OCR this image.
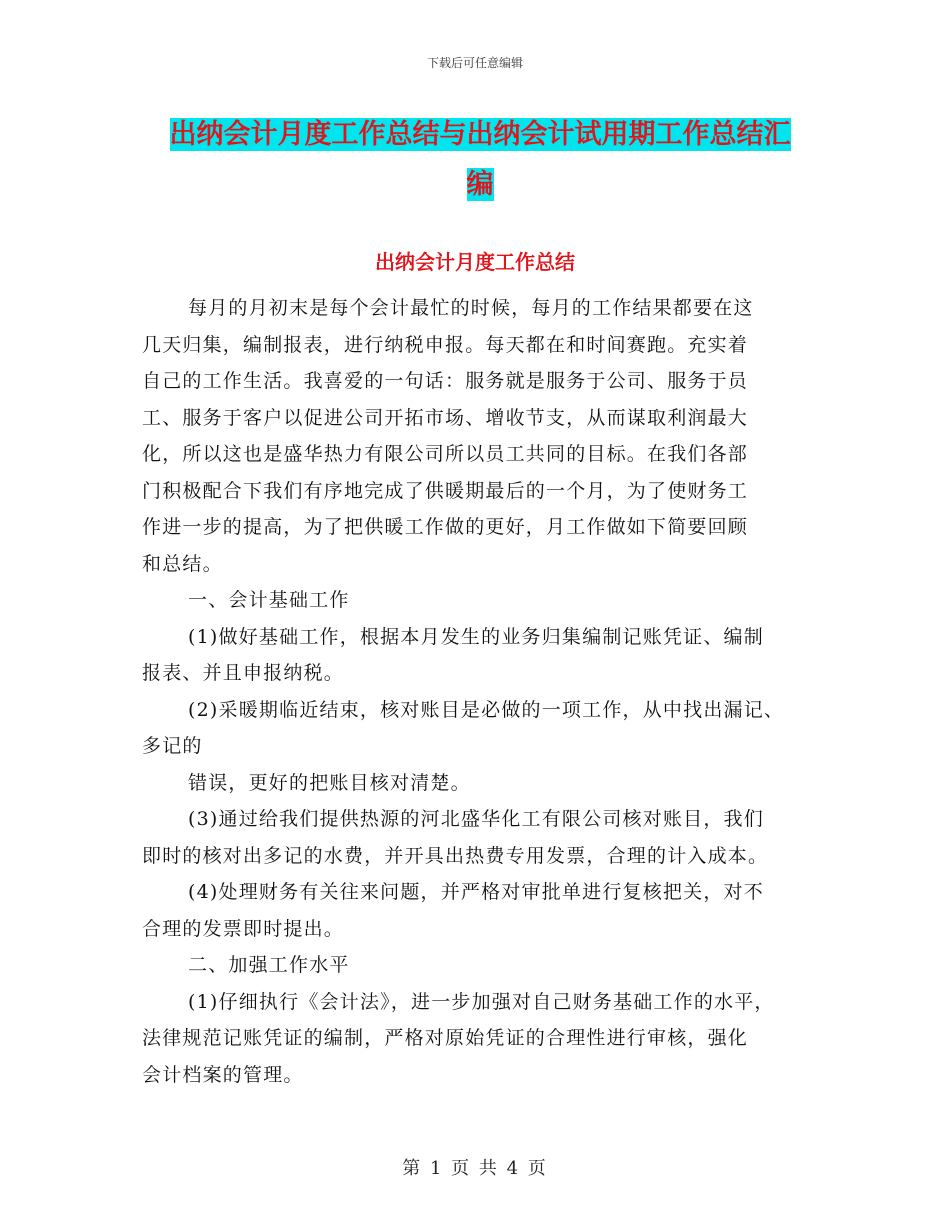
下载后可任意编辑
出纳会计月度工作总结与出纳会计试用期工作总结汇
编
出纳会计月度工作总结

每月的月初末是每个会计最忙的时候，每月的工作结果都要在这

几天归集，编制报表，进行纳税申报。每天都在和时间赛跑。充实着

自己的工作生活。我喜爱的一句话：服务就是服务于公司、服务于员

工、服务于客户以促进公司开拓市场、增收节支，从而谋取利润最大

化，所以这也是盛华热力有限公司所以员工共同的目标。在我们各部

门积极配合下我们有序地完成了供暖期最后的一个月，为了使财务工

作进一步的提高，为了把供暖工作做的更好，月工作做如下简要回顾

和总结。

一、会计基础工作

(1)做好基础工作，根据本月发生的业务归集编制记账凭证、编制

报表、并且申报纳税。

(2)采暖期临近结束，核对账目是必做的一项工作，从中找出漏记、

多记的

错误，更好的把账目核对清楚。

(3)通过给我们提供热源的河北盛华化工有限公司核对账目，我们

即时的核对出多记的水费，并开具出热费专用发票，合理的计入成本。

(4)处理财务有关往来问题，并严格对审批单进行复核把关，对不

合理的发票即时提出。

二、加强工作水平

(1)仔细执行《会计法》，进一步加强对自己财务基础工作的水平，

法律规范记账凭证的编制，严格对原始凭证的合理性进行审核，强化

会计档案的管理。

第 1 页 共 4 页
